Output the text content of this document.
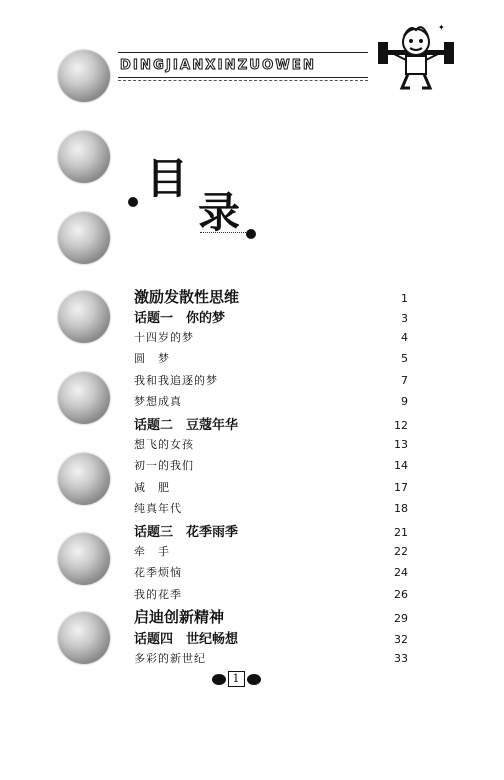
DINGJIANXINZUOWEN
✦
目
录
激励发散性思维	1
话题一　你的梦	3
十四岁的梦	4
圆　梦	5
我和我追逐的梦	7
梦想成真	9
话题二　豆蔻年华	12
想飞的女孩	13
初一的我们	14
减　肥	17
纯真年代	18
话题三　花季雨季	21
牵　手	22
花季烦恼	24
我的花季	26
启迪创新精神	29
话题四　世纪畅想	32
多彩的新世纪	33
1
